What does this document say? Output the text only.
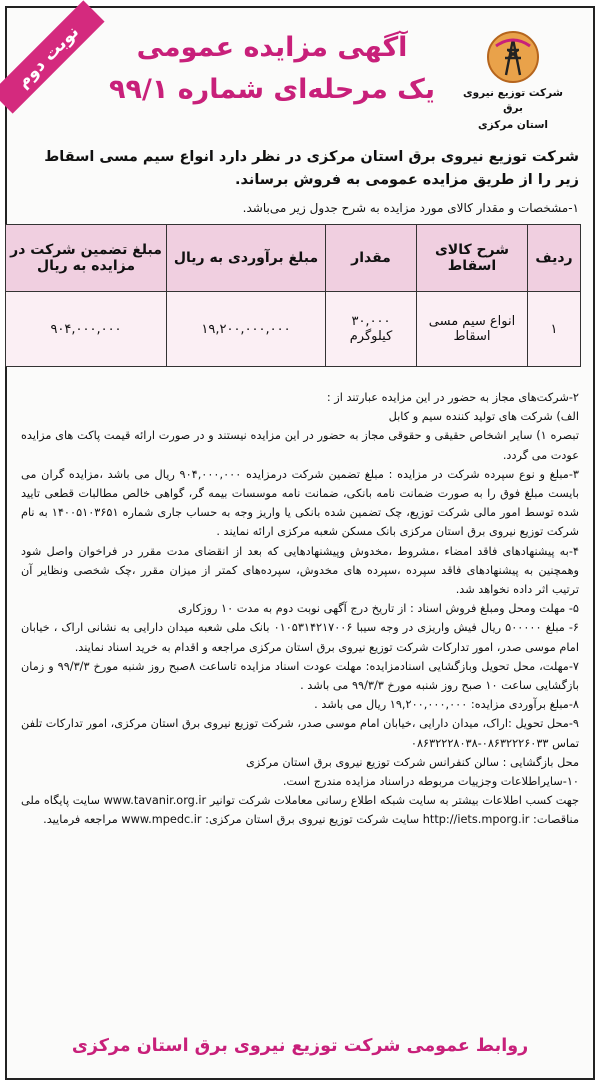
نوبت دوم
شرکت توزیع نیروی برق
استان مرکزی
آگهی مزایده عمومی
یک مرحله‌ای شماره ۹۹/۱
شرکت توزیع نیروی برق استان مرکزی در نظر دارد انواع سیم مسی اسقاط زیر را از طریق مزایده عمومی به فروش برساند.
۱-مشخصات و مقدار کالای مورد مزایده به شرح جدول زیر می‌باشد.
ردیف	شرح کالای اسقاط	مقدار	مبلغ برآوردی به ریال	مبلغ تضمین شرکت در مزایده به ریال
۱	انواع سیم مسی اسقاط	۳۰,۰۰۰ کیلوگرم	۱۹,۲۰۰,۰۰۰,۰۰۰	۹۰۴,۰۰۰,۰۰۰

۲-شرکت‌های مجاز به حضور در این مزایده عبارتند از :

الف) شرکت های تولید کننده سیم و کابل

تبصره ۱) سایر اشخاص حقیقی و حقوقی مجاز به حضور در این مزایده نیستند و در صورت ارائه قیمت پاکت های مزایده عودت می گردد.

۳-مبلغ و نوع سپرده شرکت در مزایده : مبلغ تضمین شرکت درمزایده ۹۰۴,۰۰۰,۰۰۰ ریال می باشد ،مزایده گران می بایست مبلغ فوق را به صورت ضمانت نامه بانکی، ضمانت نامه موسسات بیمه گر، گواهی خالص مطالبات قطعی تایید شده توسط امور مالی شرکت توزیع، چک تضمین شده بانکی یا واریز وجه به حساب جاری شماره ۱۴۰۰۵۱۰۳۶۵۱ به نام شرکت توزیع نیروی برق استان مرکزی بانک مسکن شعبه مرکزی ارائه نمایند .

۴-به پیشنهادهای فاقد امضاء ،مشروط ،مخدوش وپیشنهادهایی که بعد از انقضای مدت مقرر در فراخوان واصل شود وهمچنین به پیشنهادهای فاقد سپرده ،سپرده های مخدوش، سپرده‌های کمتر از میزان مقرر ،چک شخصی ونظایر آن ترتیب اثر داده نخواهد شد.

۵- مهلت ومحل ومبلغ فروش اسناد : از تاریخ درج آگهی نوبت دوم به مدت ۱۰ روزکاری

۶- مبلغ ۵۰۰۰۰۰ ریال فیش واریزی در وجه سیبا ۰۱۰۵۳۱۴۲۱۷۰۰۶ بانک ملی شعبه میدان دارایی به نشانی اراک ، خیابان امام موسی صدر، امور تدارکات شرکت توزیع نیروی برق استان مرکزی مراجعه و اقدام به خرید اسناد نمایند.

۷-مهلت، محل تحویل وبازگشایی اسنادمزایده: مهلت عودت اسناد مزایده تاساعت ۸صبح روز شنبه مورخ ۹۹/۳/۳ و زمان بازگشایی ساعت ۱۰ صبح روز شنبه مورخ ۹۹/۳/۳ می باشد .

۸-مبلغ برآوردی مزایده: ۱۹,۲۰۰,۰۰۰,۰۰۰ ریال می باشد .

۹-محل تحویل :اراک، میدان دارایی ،خیابان امام موسی صدر، شرکت توزیع نیروی برق استان مرکزی، امور تدارکات تلفن تماس ۰۸۶۳۲۲۲۶۰۳۳-۰۸۶۳۲۲۲۸۰۳۸

محل بازگشایی : سالن کنفرانس شرکت توزیع نیروی برق استان مرکزی

۱۰-سایراطلاعات وجزییات مربوطه دراسناد مزایده مندرج است.

جهت کسب اطلاعات بیشتر به سایت شبکه اطلاع رسانی معاملات شرکت توانیر www.tavanir.org.ir سایت پایگاه ملی مناقصات: http://iets.mporg.ir سایت شرکت توزیع نیروی برق استان مرکزی: www.mpedc.ir مراجعه فرمایید.

روابط عمومی شرکت توزیع نیروی برق استان مرکزی
